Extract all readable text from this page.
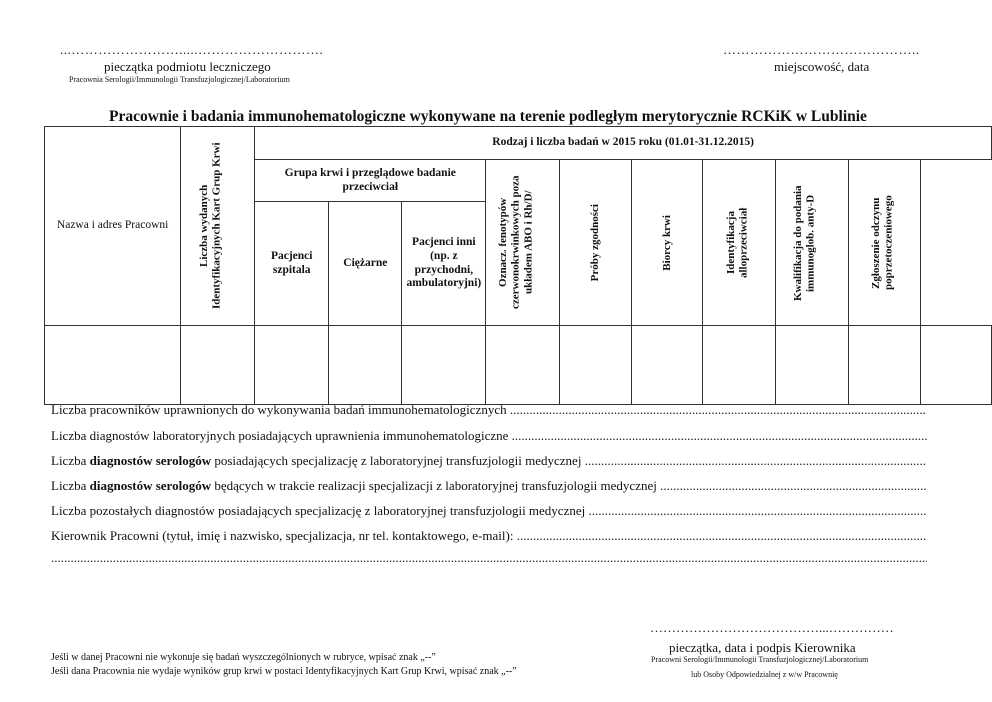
...…………………….....……………………….
pieczątka podmiotu leczniczego
Pracownia Serologii/Immunologii Transfuzjologicznej/Laboratorium
……………………………………..
miejscowość, data
Pracownie i badania immunohematologiczne wykonywane na terenie podległym merytorycznie RCKiK w Lublinie
Nazwa i adres Pracowni	Liczba wydanych Identyfikacyjnych Kart Grup Krwi	Rodzaj i liczba badań w 2015 roku (01.01-31.12.2015)									

		Grupa krwi i przeglądowe badanie przeciwciał			Oznacz. fenotypów czerwonokrwinkowych poza układem ABO i Rh/D/	Próby zgodności	Biorcy krwi	Identyfikacja alloprzeciwciał	Kwalifikacja do podania immunoglob. anty-D	Zgłoszenie odczynu poprzetoczeniowego	

		Pacjenci szpitala	Ciężarne	Pacjenci inni (np. z przychodni, ambulatoryjni)							

Liczba pracowników uprawnionych do wykonywania badań immunohematologicznych .....
Liczba diagnostów laboratoryjnych posiadających uprawnienia immunohematologiczne .....
Liczba diagnostów serologów posiadających specjalizację z laboratoryjnej transfuzjologii medycznej .....
Liczba diagnostów serologów będących w trakcie realizacji specjalizacji z laboratoryjnej transfuzjologii medycznej .....
Liczba pozostałych diagnostów posiadających specjalizację z laboratoryjnej transfuzjologii medycznej .....
Kierownik Pracowni (tytuł, imię i nazwisko, specjalizacja, nr tel. kontaktowego, e-mail): .....
.....
Jeśli w danej Pracowni nie wykonuje się badań wyszczególnionych w rubryce, wpisać znak „--”
Jeśli dana Pracownia nie wydaje wyników grup krwi w postaci Identyfikacyjnych Kart Grup Krwi, wpisać znak „--”
…………………………………...……………
pieczątka, data i podpis Kierownika
Pracowni Serologii/Immunologii Transfuzjologicznej/Laboratorium
lub Osoby Odpowiedzialnej z w/w Pracownię
